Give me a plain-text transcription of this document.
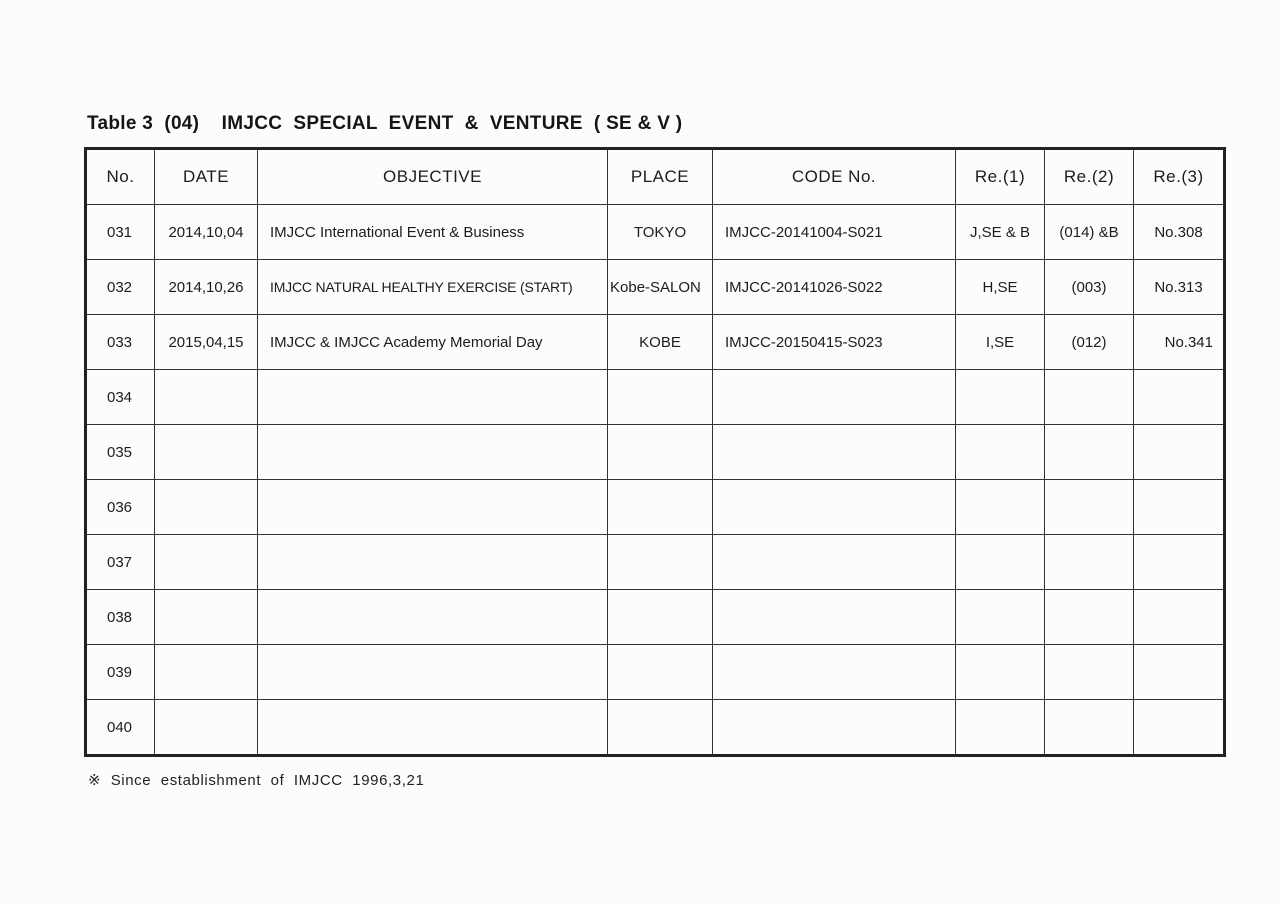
Table 3  (04)    IMJCC  SPECIAL  EVENT  &  VENTURE  ( SE & V )
No.	DATE	OBJECTIVE	PLACE	CODE No.	Re.(1)	Re.(2)	Re.(3)
031	2014,10,04	IMJCC International Event & Business	TOKYO	IMJCC-20141004-S021	J,SE & B	(014) &B	No.308
032	2014,10,26	IMJCC NATURAL HEALTHY EXERCISE (START)	Kobe-SALON	IMJCC-20141026-S022	H,SE	(003)	No.313
033	2015,04,15	IMJCC & IMJCC Academy Memorial Day	KOBE	IMJCC-20150415-S023	I,SE	(012)	No.341
034							
035							
036							
037							
038							
039							
040							
※  Since  establishment  of  IMJCC  1996,3,21
